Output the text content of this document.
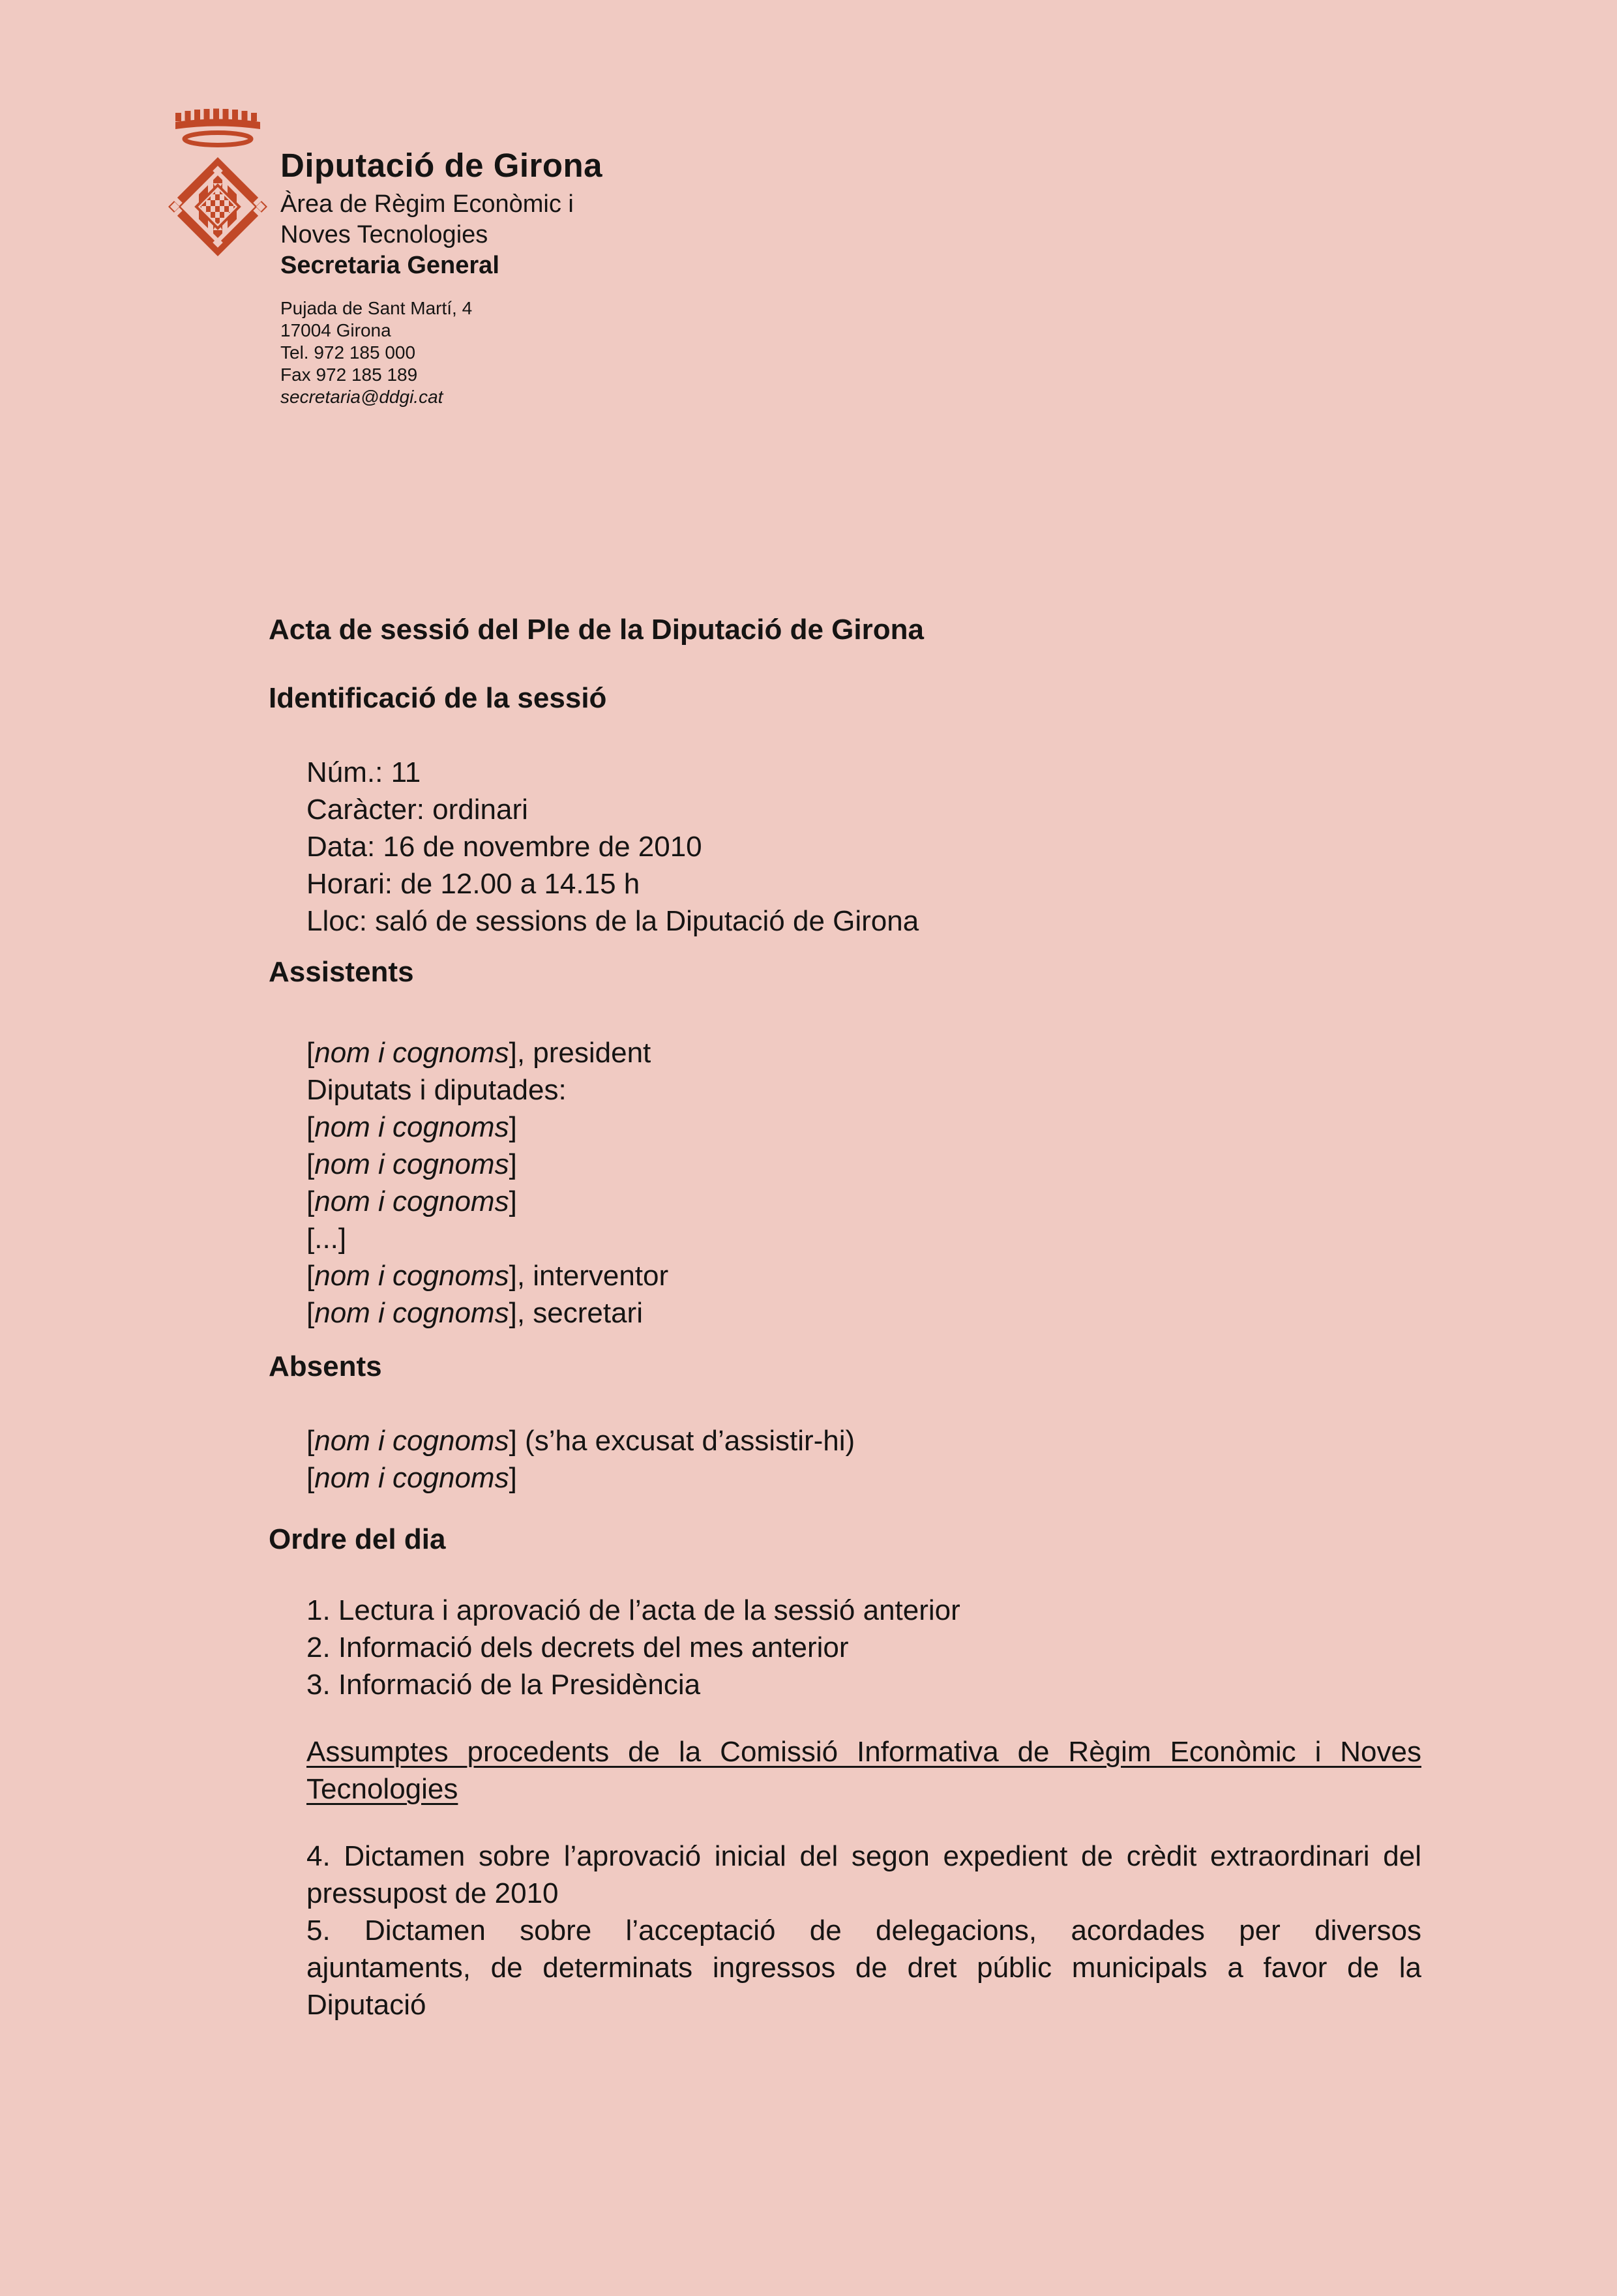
Diputació de Girona
Àrea de Règim Econòmic i
Noves Tecnologies
Secretaria General
Pujada de Sant Martí, 4
17004 Girona
Tel. 972 185 000
Fax 972 185 189
secretaria@ddgi.cat
Acta de sessió del Ple de la Diputació de Girona
Identificació de la sessió
Núm.: 11
Caràcter: ordinari
Data: 16 de novembre de 2010
Horari: de 12.00 a 14.15 h
Lloc: saló de sessions de la Diputació de Girona
Assistents
[nom i cognoms], president
Diputats i diputades:
[nom i cognoms]
[nom i cognoms]
[nom i cognoms]
[...]
[nom i cognoms], interventor
[nom i cognoms], secretari
Absents
[nom i cognoms] (s’ha excusat d’assistir-hi)
[nom i cognoms]
Ordre del dia
1. Lectura i aprovació de l’acta de la sessió anterior
2. Informació dels decrets del mes anterior
3. Informació de la Presidència
Assumptes procedents de la Comissió Informativa de Règim Econòmic i Noves
Tecnologies
4. Dictamen sobre l’aprovació inicial del segon expedient de crèdit extraordinari del
pressupost de 2010
5. Dictamen sobre l’acceptació de delegacions, acordades per diversos
ajuntaments, de determinats ingressos de dret públic municipals a favor de la
Diputació
